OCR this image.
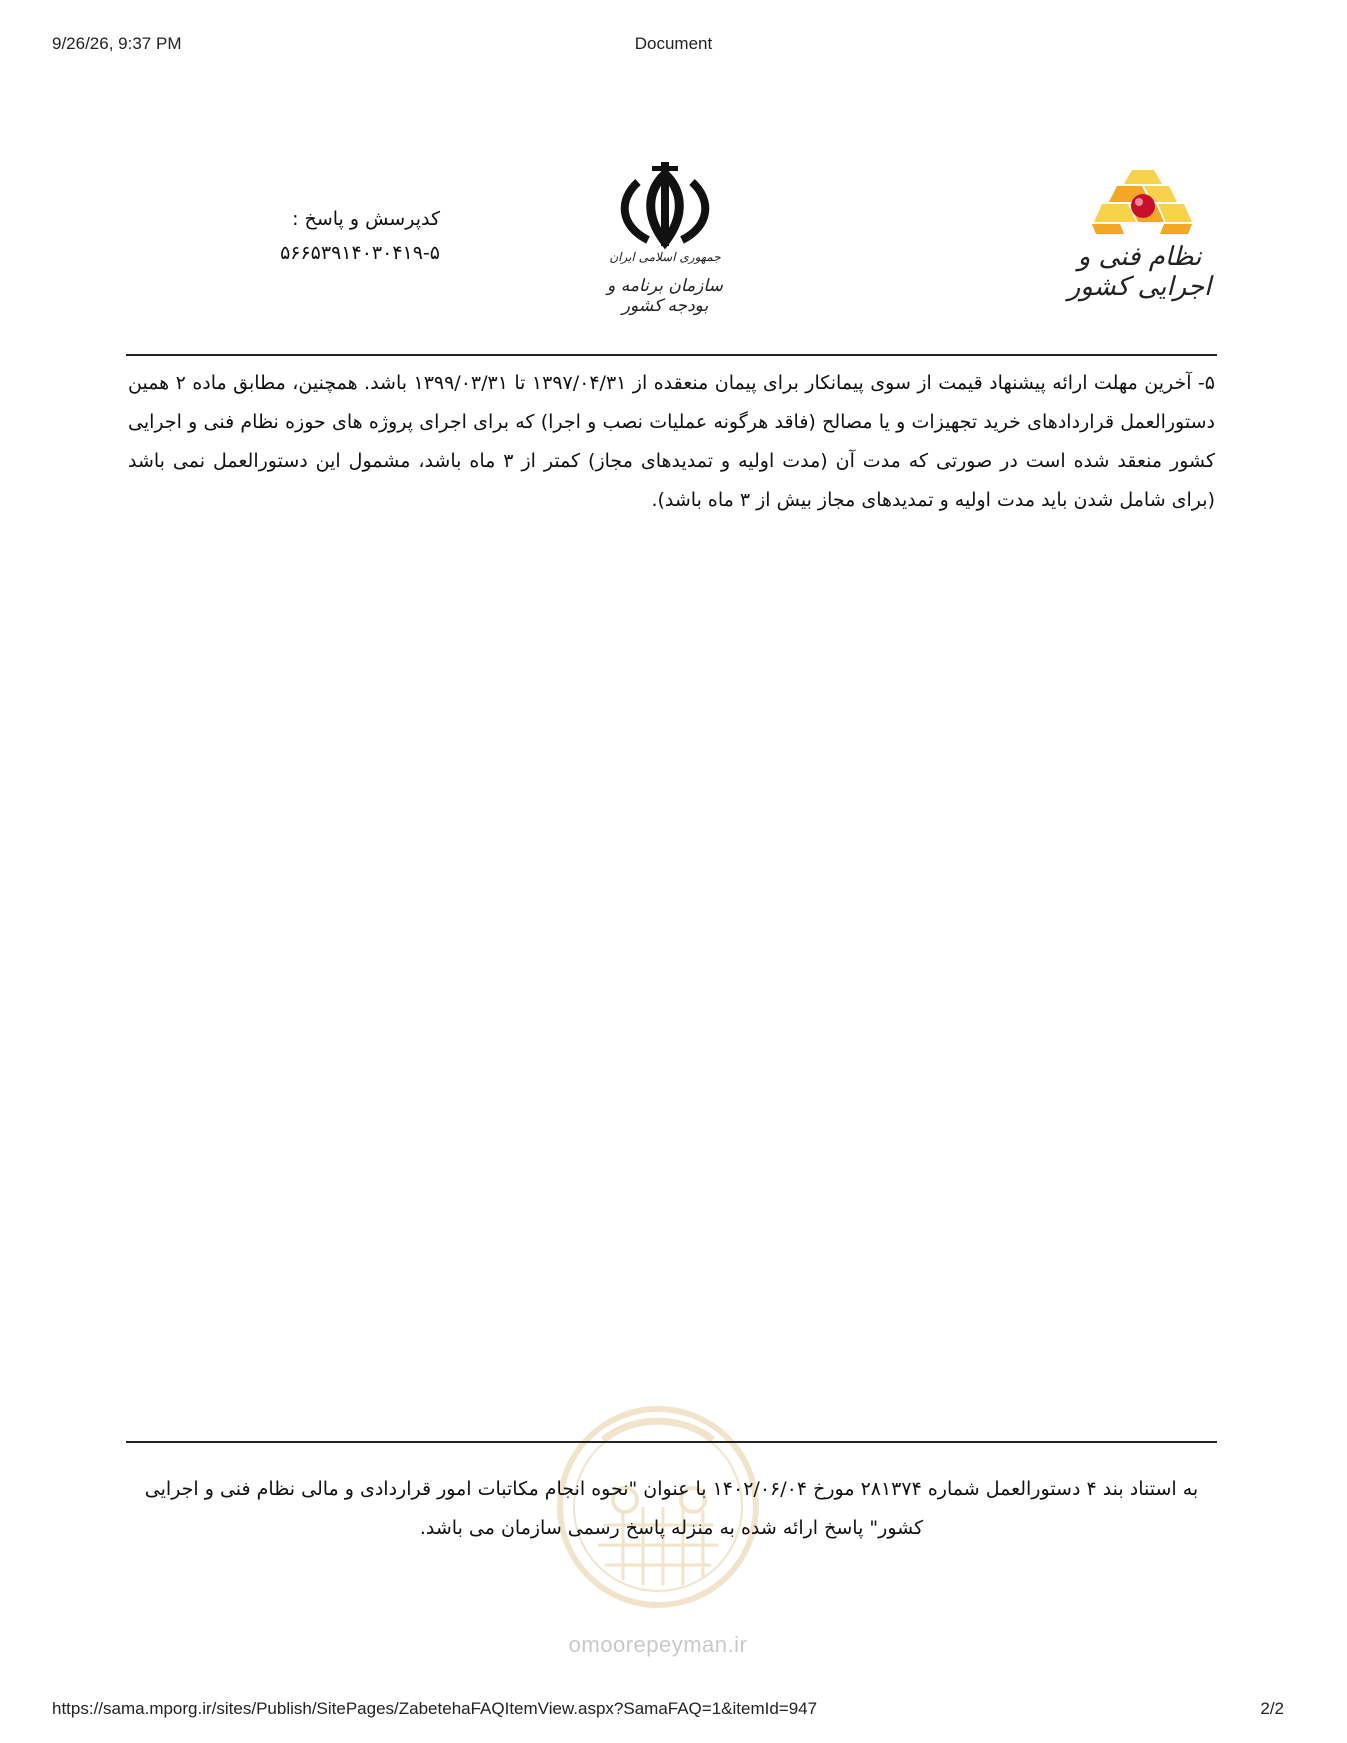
9/26/26, 9:37 PM	Document
نظام فنی و اجرایی کشور
جمهوری اسلامی ایران
سازمان برنامه و بودجه کشور
کدپرسش و پاسخ :
۵۶۶۵۳۹۱۴۰۳۰۴۱۹-۵
۵- آخرین مهلت ارائه پیشنهاد قیمت از سوی پیمانکار برای پیمان منعقده از ۱۳۹۷/۰۴/۳۱ تا ۱۳۹۹/۰۳/۳۱ باشد. همچنین، مطابق ماده ۲ همین دستورالعمل قراردادهای خرید تجهیزات و یا مصالح (فاقد هرگونه عملیات نصب و اجرا) که برای اجرای پروژه های حوزه نظام فنی و اجرایی کشور منعقد شده است در صورتی که مدت آن (مدت اولیه و تمدیدهای مجاز) کمتر از ۳ ماه باشد، مشمول این دستورالعمل نمی باشد (برای شامل شدن باید مدت اولیه و تمدیدهای مجاز بیش از ۳ ماه باشد).
omoorepeyman.ir
به استناد بند ۴ دستورالعمل شماره ۲۸۱۳۷۴ مورخ ۱۴۰۲/۰۶/۰۴ با عنوان "نحوه انجام مکاتبات امور قراردادی و مالی نظام فنی و اجرایی
کشور" پاسخ ارائه شده به منزله پاسخ رسمی سازمان می باشد.
https://sama.mporg.ir/sites/Publish/SitePages/ZabetehaFAQItemView.aspx?SamaFAQ=1&itemId=947	2/2
